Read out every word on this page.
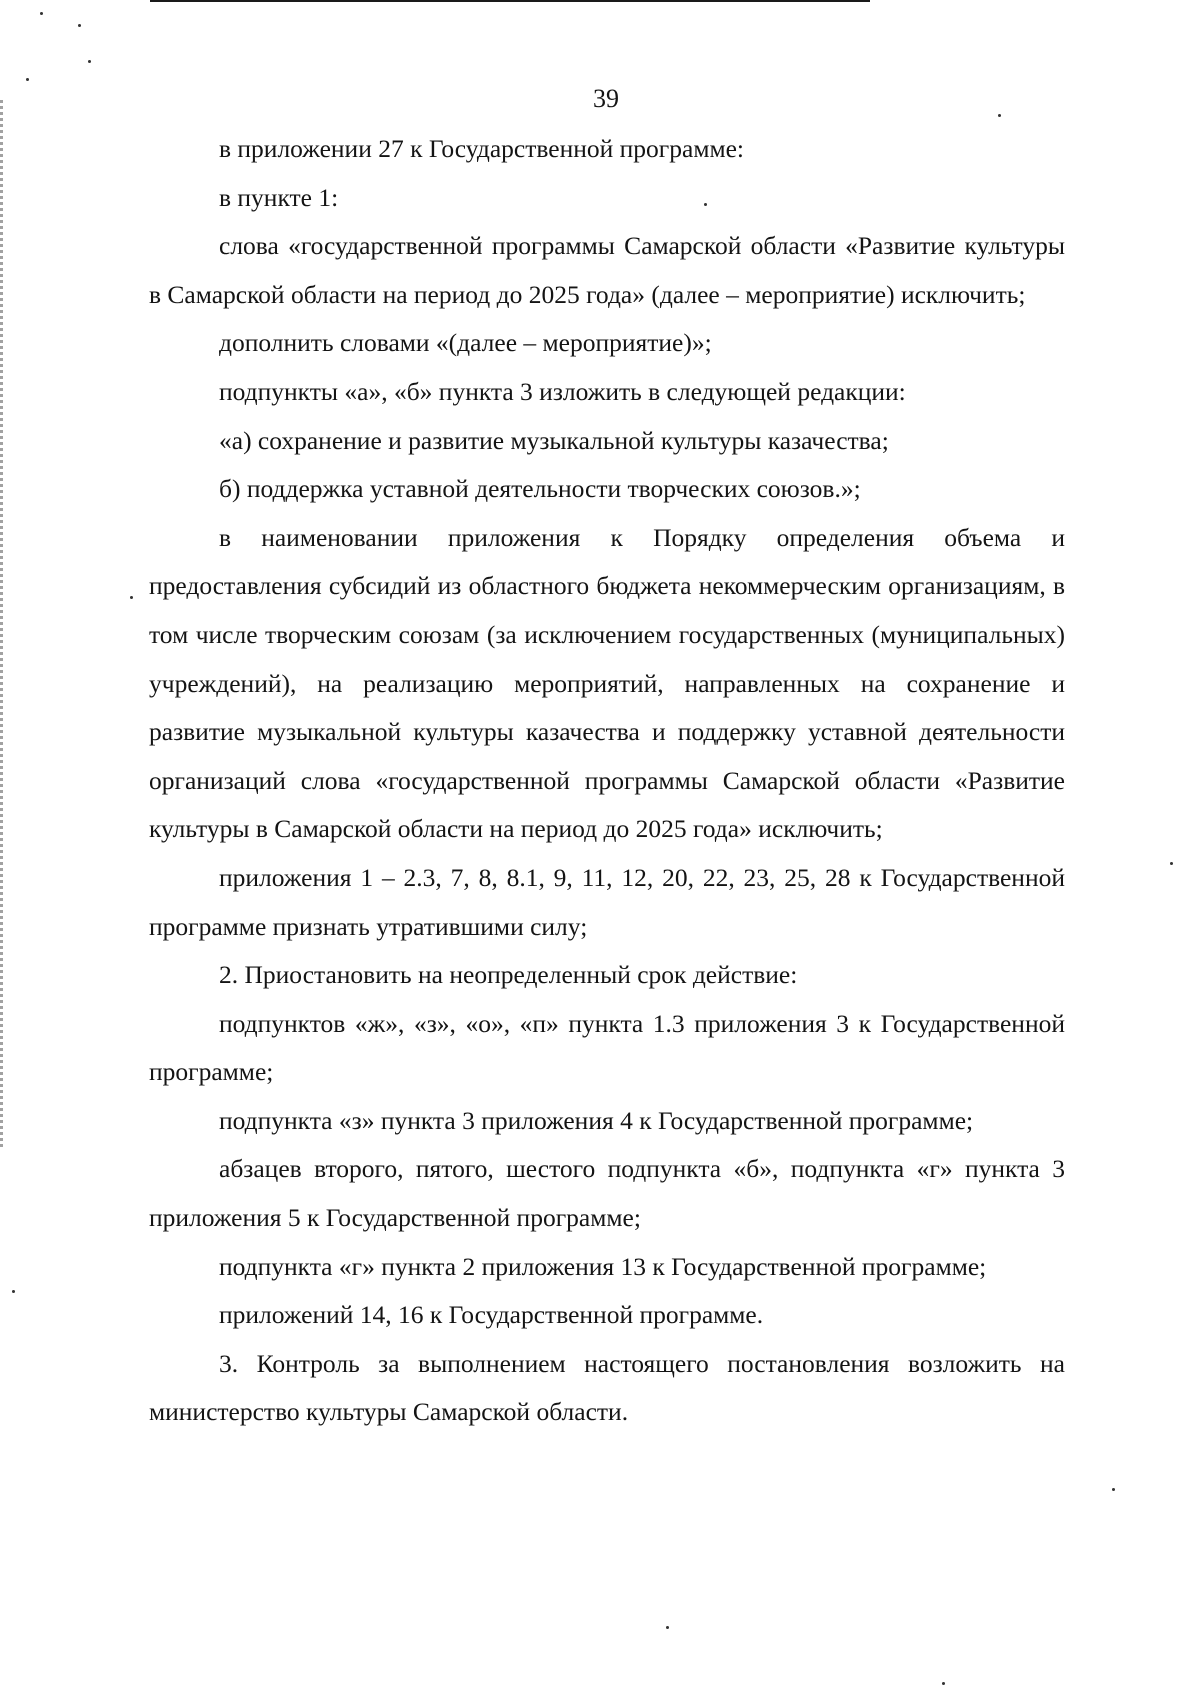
39

в приложении 27 к Государственной программе:

в пункте 1:

слова «государственной программы Самарской области «Развитие культуры в Самарской области на период до 2025 года» (далее – мероприятие) исключить;

дополнить словами «(далее – мероприятие)»;

подпункты «а», «б» пункта 3 изложить в следующей редакции:

«а) сохранение и развитие музыкальной культуры казачества;

б) поддержка уставной деятельности творческих союзов.»;

в наименовании приложения к Порядку определения объема и предоставления субсидий из областного бюджета некоммерческим организациям, в том числе творческим союзам (за исключением государственных (муниципальных) учреждений), на реализацию мероприятий, направленных на сохранение и развитие музыкальной культуры казачества и поддержку уставной деятельности организаций слова «государственной программы Самарской области «Развитие культуры в Самарской области на период до 2025 года» исключить;

приложения 1 – 2.3, 7, 8, 8.1, 9, 11, 12, 20, 22, 23, 25, 28 к Государственной программе признать утратившими силу;

2. Приостановить на неопределенный срок действие:

подпунктов «ж», «з», «о», «п» пункта 1.3 приложения 3 к Государственной программе;

подпункта «з» пункта 3 приложения 4 к Государственной программе;

абзацев второго, пятого, шестого подпункта «б», подпункта «г» пункта 3 приложения 5 к Государственной программе;

подпункта «г» пункта 2 приложения 13 к Государственной программе;

приложений 14, 16 к Государственной программе.

3. Контроль за выполнением настоящего постановления возложить на министерство культуры Самарской области.
